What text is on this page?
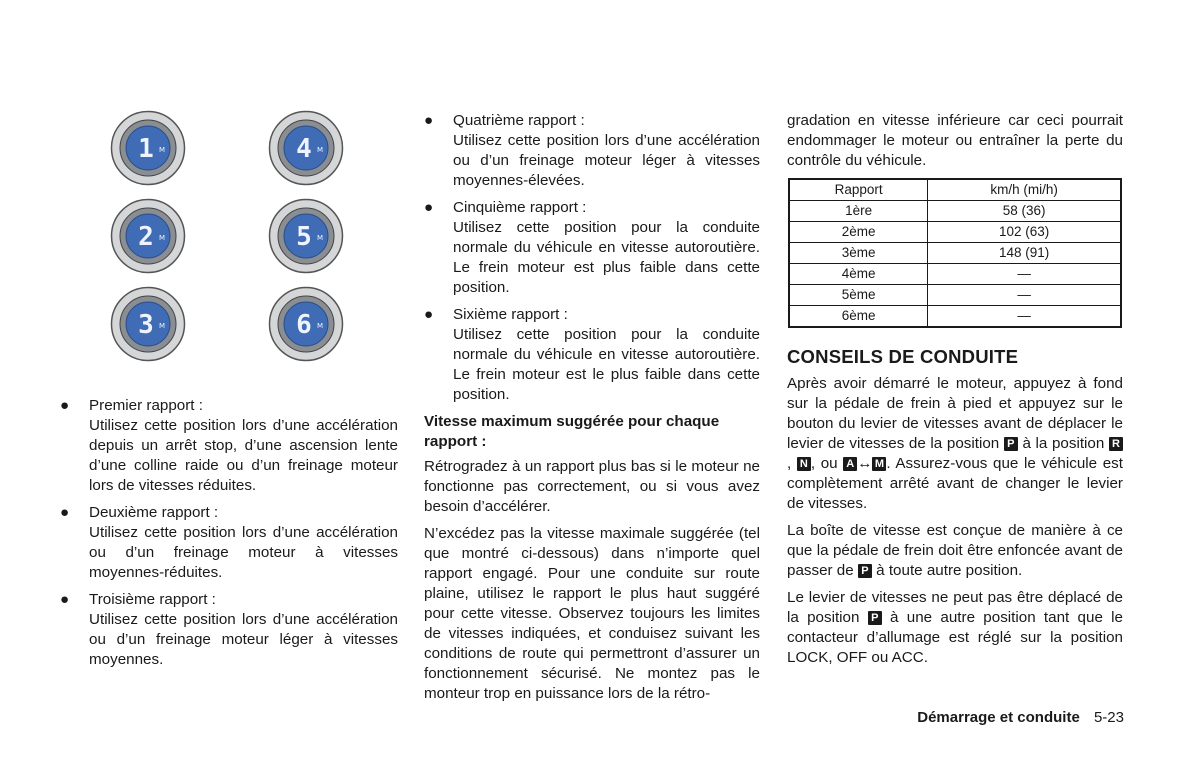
1 M	4 M
2 M	5 M
3 M	6 M
● Premier rapport :
Utilisez cette position lors d’une accélération depuis un arrêt stop, d’une ascension lente d’une colline raide ou d’un freinage moteur lors de vitesses réduites.
● Deuxième rapport :
Utilisez cette position lors d’une accélération ou d’un freinage moteur à vitesses moyennes-réduites.
● Troisième rapport :
Utilisez cette position lors d’une accélération ou d’un freinage moteur léger à vitesses moyennes.
● Quatrième rapport :
Utilisez cette position lors d’une accélération ou d’un freinage moteur léger à vitesses moyennes-élevées.
● Cinquième rapport :
Utilisez cette position pour la conduite normale du véhicule en vitesse autoroutière. Le frein moteur est plus faible dans cette position.
● Sixième rapport :
Utilisez cette position pour la conduite normale du véhicule en vitesse autoroutière. Le frein moteur est le plus faible dans cette position.
Vitesse maximum suggérée pour chaque rapport :

Rétrogradez à un rapport plus bas si le moteur ne fonctionne pas correctement, ou si vous avez besoin d’accélérer.

N’excédez pas la vitesse maximale suggérée (tel que montré ci-dessous) dans n’importe quel rapport engagé. Pour une conduite sur route plaine, utilisez le rapport le plus haut suggéré pour cette vitesse. Observez toujours les limites de vitesses indiquées, et conduisez suivant les conditions de route qui permettront d’assurer un fonctionnement sécurisé. Ne montez pas le monteur trop en puissance lors de la rétro-

gradation en vitesse inférieure car ceci pourrait endommager le moteur ou entraîner la perte du contrôle du véhicule.

Rapport	km/h (mi/h)
1ère	58 (36)
2ème	102 (63)
3ème	148 (91)
4ème	—
5ème	—
6ème	—
CONSEILS DE CONDUITE

Après avoir démarré le moteur, appuyez à fond sur la pédale de frein à pied et appuyez sur le bouton du levier de vitesses avant de déplacer le levier de vitesses de la position P à la position R, N , ou A ↔ M . Assurez-vous que le véhicule est complètement arrêté avant de changer le levier de vitesses.

La boîte de vitesse est conçue de manière à ce que la pédale de frein doit être enfoncée avant de passer de P à toute autre position.

Le levier de vitesses ne peut pas être déplacé de la position P à une autre position tant que le contacteur d’allumage est réglé sur la position LOCK, OFF ou ACC.

Démarrage et conduite 5-23
